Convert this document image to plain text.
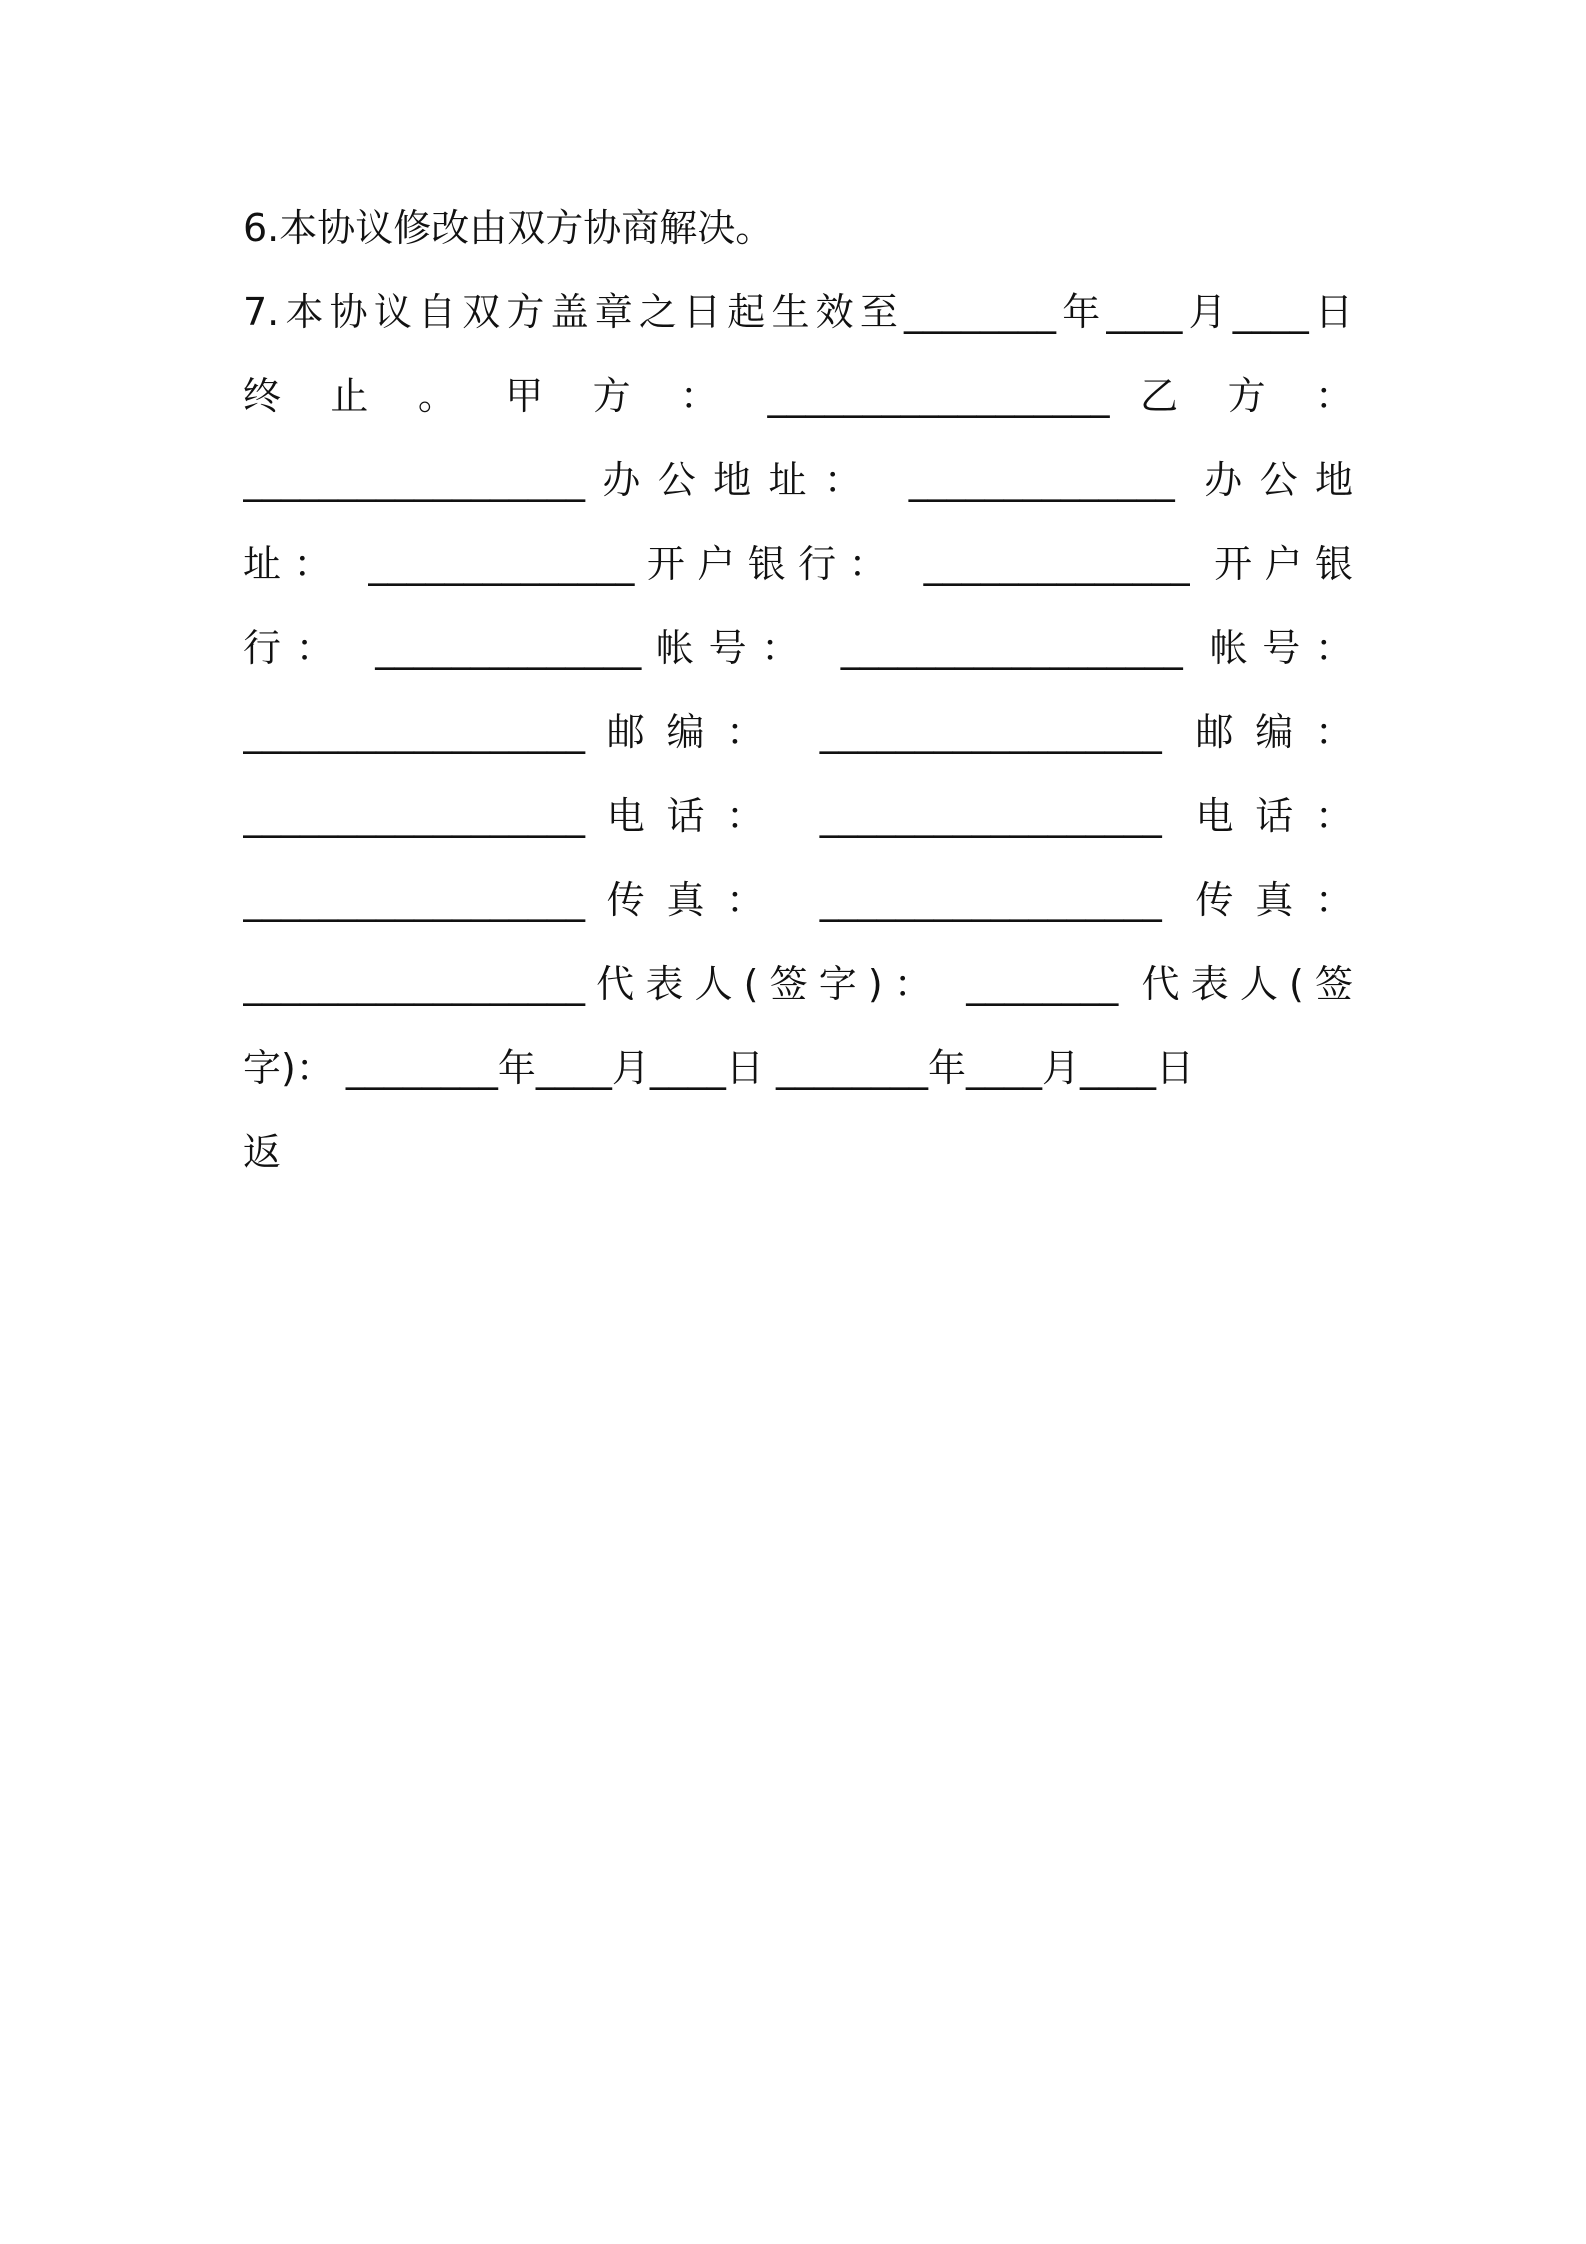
6.本协议修改由双方协商解决。
7.本协议自双方盖章之日起生效至________年____月____日
终 止 。 甲 方 ： __________________ 乙 方 ：
__________________办公地址： ______________ 办公地
址： ______________开户银行： ______________ 开户银
行： ______________帐号： __________________ 帐号：
__________________邮编： __________________ 邮编：
__________________电话： __________________ 电话：
__________________传真： __________________ 传真：
__________________代表人(签字)： ________ 代表人(签
字)： ________年____月____日 ________年____月____日
返
